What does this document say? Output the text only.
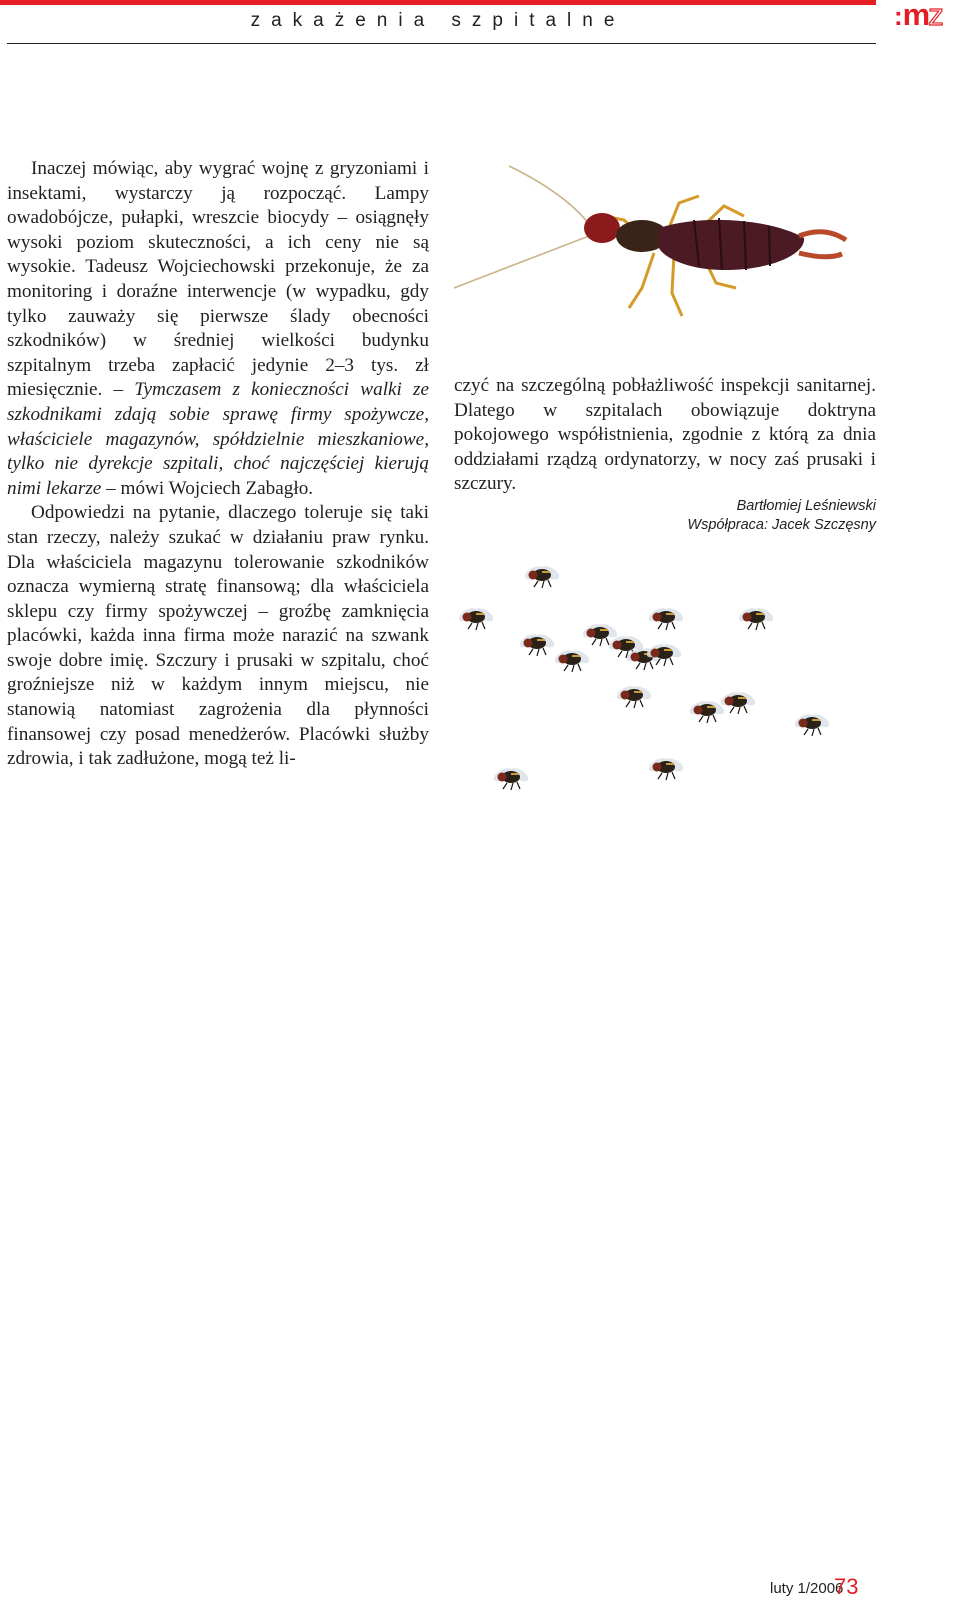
zakażenia szpitalne	:mz

Inaczej mówiąc, aby wygrać wojnę z gryzoniami i insektami, wystarczy ją rozpocząć. Lampy owadobójcze, pułapki, wreszcie biocydy – osiągnęły wysoki poziom skuteczności, a ich ceny nie są wysokie. Tadeusz Wojciechowski przekonuje, że za monitoring i doraźne interwencje (w wypadku, gdy tylko zauważy się pierwsze ślady obecności szkodników) w średniej wielkości budynku szpitalnym trzeba zapłacić jedynie 2–3 tys. zł miesięcznie. – Tymczasem z konieczności walki ze szkodnikami zdają sobie sprawę firmy spożywcze, właściciele magazynów, spółdzielnie mieszkaniowe, tylko nie dyrekcje szpitali, choć najczęściej kierują nimi lekarze – mówi Wojciech Zabagło.

Odpowiedzi na pytanie, dlaczego toleruje się taki stan rzeczy, należy szukać w działaniu praw rynku. Dla właściciela magazynu tolerowanie szkodników oznacza wymierną stratę finansową; dla właściciela sklepu czy firmy spożywczej – groźbę zamknięcia placówki, każda inna firma może narazić na szwank swoje dobre imię. Szczury i prusaki w szpitalu, choć groźniejsze niż w każdym innym miejscu, nie stanowią natomiast zagrożenia dla płynności finansowej czy posad menedżerów. Placówki służby zdrowia, i tak zadłużone, mogą też li-

czyć na szczególną pobłażliwość inspekcji sanitarnej. Dlatego w szpitalach obowiązuje doktryna pokojowego współistnienia, zgodnie z którą za dnia oddziałami rządzą ordynatorzy, w nocy zaś prusaki i szczury.

Bartłomiej Leśniewski
Współpraca: Jacek Szczęsny
luty 1/2006
73
